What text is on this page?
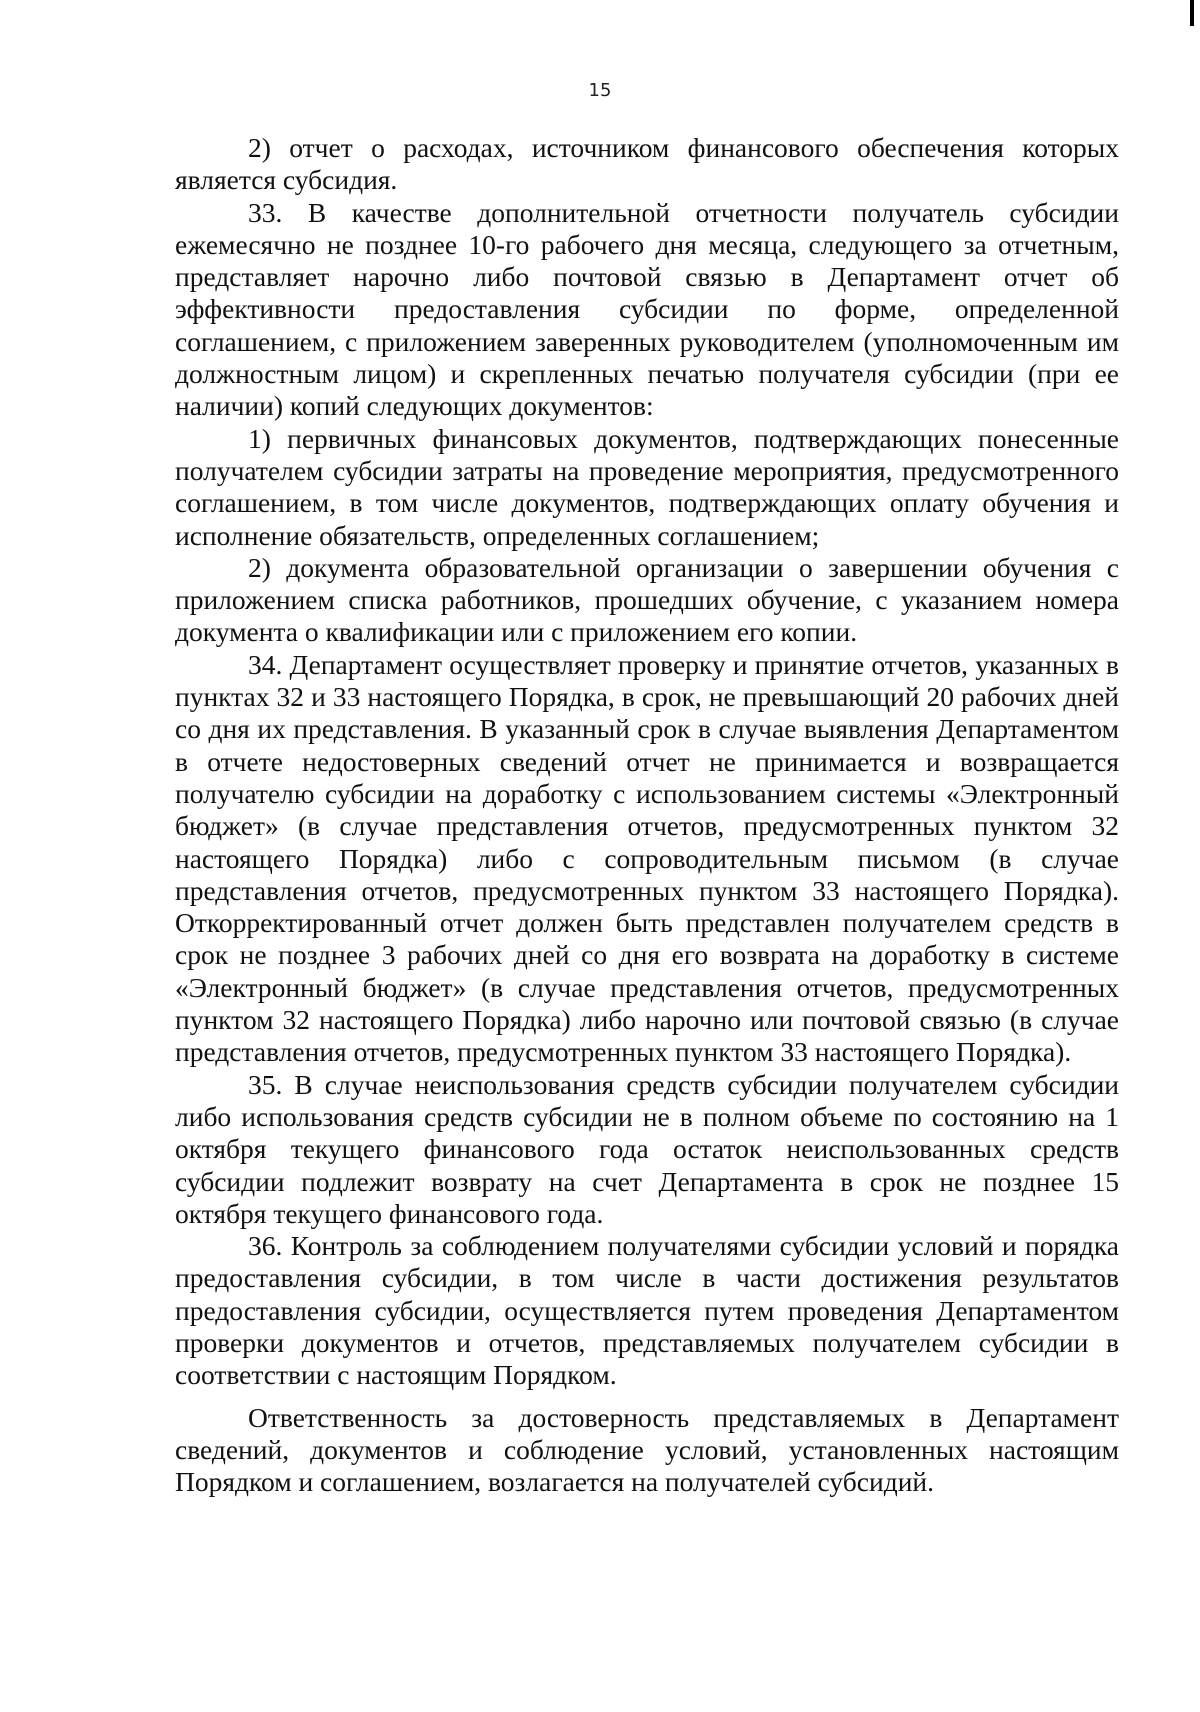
15

2) отчет о расходах, источником финансового обеспечения которых является субсидия.

33. В качестве дополнительной отчетности получатель субсидии ежемесячно не позднее 10-го рабочего дня месяца, следующего за отчетным, представляет нарочно либо почтовой связью в Департамент отчет об эффективности предоставления субсидии по форме, определенной соглашением, с приложением заверенных руководителем (уполномоченным им должностным лицом) и скрепленных печатью получателя субсидии (при ее наличии) копий следующих документов:

1) первичных финансовых документов, подтверждающих понесенные получателем субсидии затраты на проведение мероприятия, предусмотренного соглашением, в том числе документов, подтверждающих оплату обучения и исполнение обязательств, определенных соглашением;

2) документа образовательной организации о завершении обучения с приложением списка работников, прошедших обучение, с указанием номера документа о квалификации или с приложением его копии.

34. Департамент осуществляет проверку и принятие отчетов, указанных в пунктах 32 и 33 настоящего Порядка, в срок, не превышающий 20 рабочих дней со дня их представления. В указанный срок в случае выявления Департаментом в отчете недостоверных сведений отчет не принимается и возвращается получателю субсидии на доработку с использованием системы «Электронный бюджет» (в случае представления отчетов, предусмотренных пунктом 32 настоящего Порядка) либо с сопроводительным письмом (в случае представления отчетов, предусмотренных пунктом 33 настоящего Порядка). Откорректированный отчет должен быть представлен получателем средств в срок не позднее 3 рабочих дней со дня его возврата на доработку в системе «Электронный бюджет» (в случае представления отчетов, предусмотренных пунктом 32 настоящего Порядка) либо нарочно или почтовой связью (в случае представления отчетов, предусмотренных пунктом 33 настоящего Порядка).

35. В случае неиспользования средств субсидии получателем субсидии либо использования средств субсидии не в полном объеме по состоянию на 1 октября текущего финансового года остаток неиспользованных средств субсидии подлежит возврату на счет Департамента в срок не позднее 15 октября текущего финансового года.

36. Контроль за соблюдением получателями субсидии условий и порядка предоставления субсидии, в том числе в части достижения результатов предоставления субсидии, осуществляется путем проведения Департаментом проверки документов и отчетов, представляемых получателем субсидии в соответствии с настоящим Порядком.

Ответственность за достоверность представляемых в Департамент сведений, документов и соблюдение условий, установленных настоящим Порядком и соглашением, возлагается на получателей субсидий.
